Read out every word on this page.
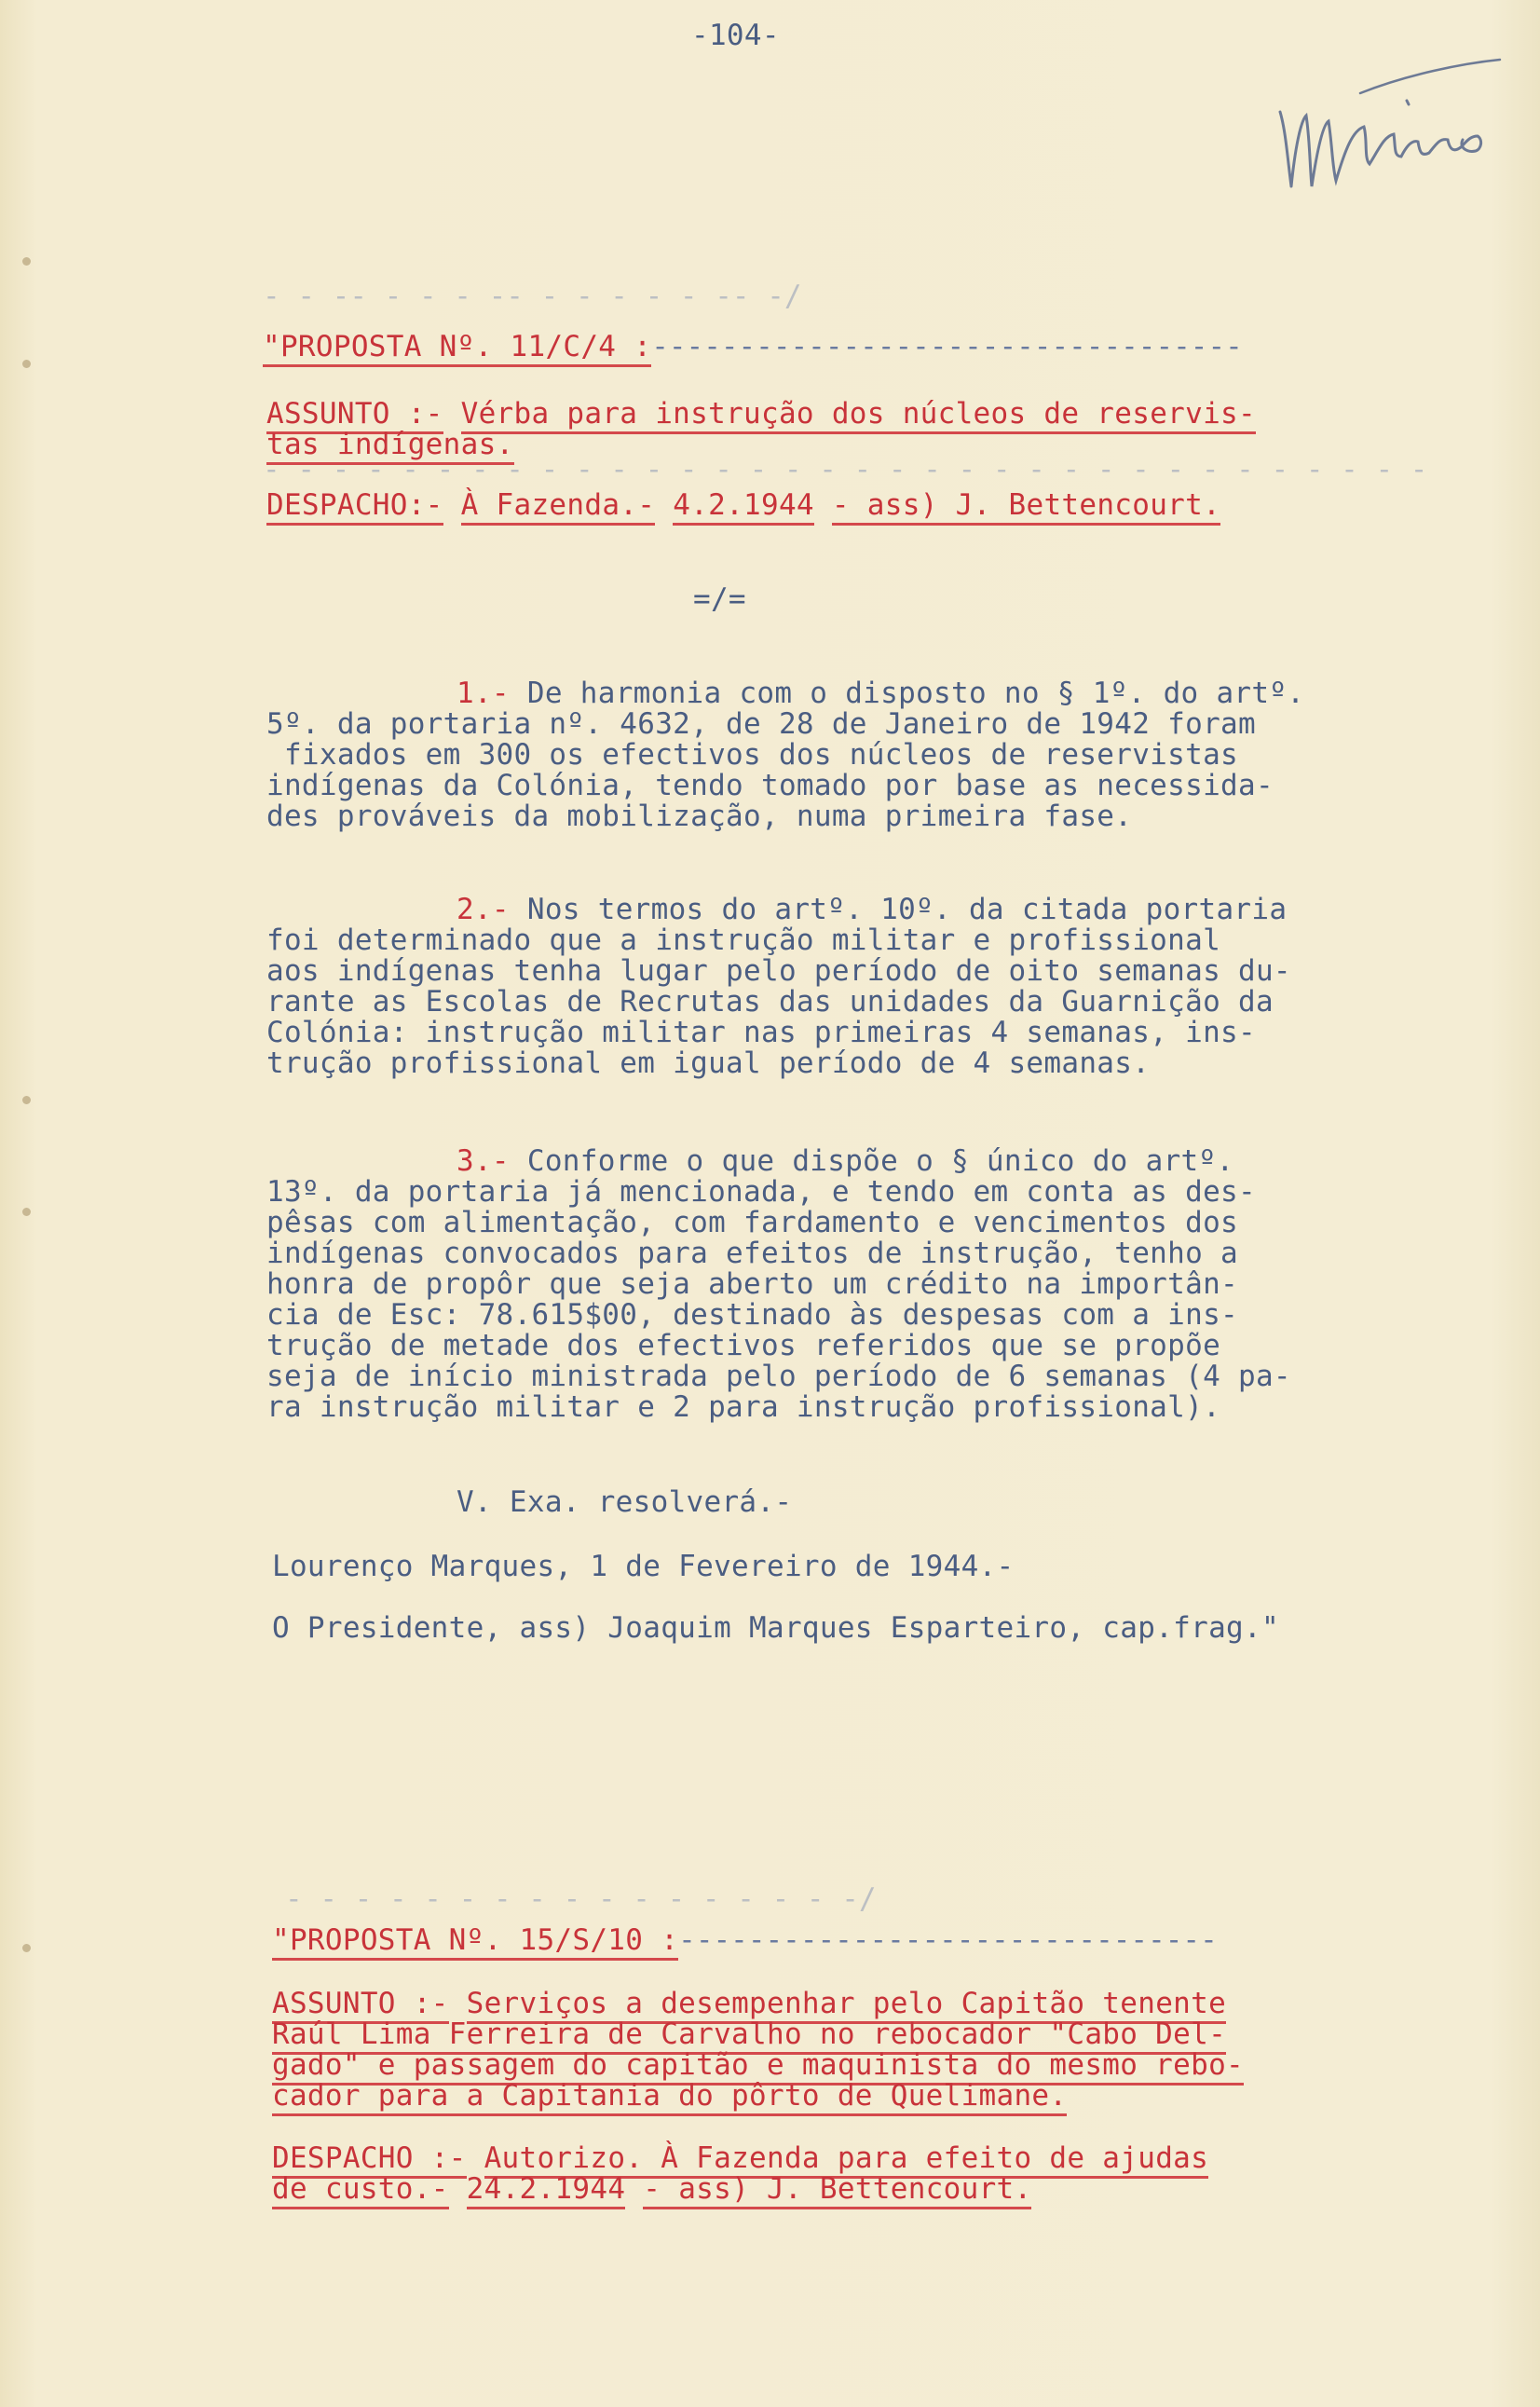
-104-
- - -- - - - -- - - - - - -- -/
- - - - - - - - - - - - - - - - - - - - - - - - - - - - - - - - - -
"PROPOSTA Nº. 11/C/4 :----------------------------------
ASSUNTO :- Vérba para instrução dos núcleos de reservis-
tas indígenas.
DESPACHO:- À Fazenda.- 4.2.1944 - ass) J. Bettencourt.
=/=
1.- De harmonia com o disposto no § 1º. do artº.
5º. da portaria nº. 4632, de 28 de Janeiro de 1942 foram
fixados em 300 os efectivos dos núcleos de reservistas
indígenas da Colónia, tendo tomado por base as necessida-
des prováveis da mobilização, numa primeira fase.
2.- Nos termos do artº. 10º. da citada portaria
foi determinado que a instrução militar e profissional
aos indígenas tenha lugar pelo período de oito semanas du-
rante as Escolas de Recrutas das unidades da Guarnição da
Colónia: instrução militar nas primeiras 4 semanas, ins-
trução profissional em igual período de 4 semanas.
3.- Conforme o que dispõe o § único do artº.
13º. da portaria já mencionada, e tendo em conta as des-
pêsas com alimentação, com fardamento e vencimentos dos
indígenas convocados para efeitos de instrução, tenho a
honra de propôr que seja aberto um crédito na importân-
cia de Esc: 78.615$00, destinado às despesas com a ins-
trução de metade dos efectivos referidos que se propõe
seja de início ministrada pelo período de 6 semanas (4 pa-
ra instrução militar e 2 para instrução profissional).
V. Exa. resolverá.-
Lourenço Marques, 1 de Fevereiro de 1944.-
O Presidente, ass) Joaquim Marques Esparteiro, cap.frag."
- - - - - - - - - - - - - - - - -/
"PROPOSTA Nº. 15/S/10 :-------------------------------
ASSUNTO :- Serviços a desempenhar pelo Capitão tenente
Raúl Lima Ferreira de Carvalho no rebocador "Cabo Del-
gado" e passagem do capitão e maquinista do mesmo rebo-
cador para a Capitania do pôrto de Quelimane.
DESPACHO :- Autorizo. À Fazenda para efeito de ajudas
de custo.- 24.2.1944 - ass) J. Bettencourt.
